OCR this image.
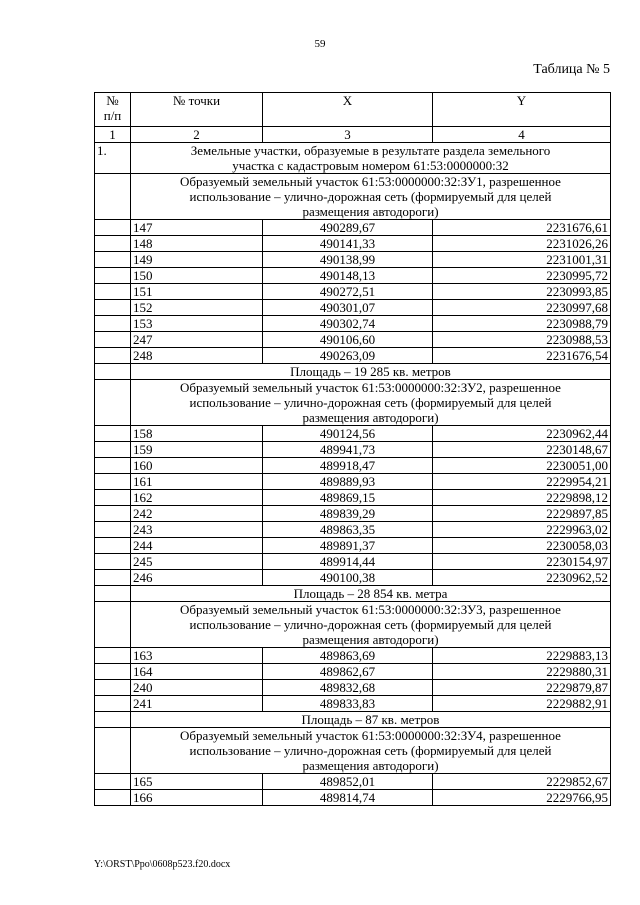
59
Таблица № 5
№
п/п	№ точки	X	Y
1	2	3	4
1.	Земельные участки, образуемые в результате раздела земельного участка с кадастровым номером 61:53:0000000:32		
	Образуемый земельный участок 61:53:0000000:32:ЗУ1, разрешенное использование – улично-дорожная сеть (формируемый для целей размещения автодороги)		
	147	490289,67	2231676,61
	148	490141,33	2231026,26
	149	490138,99	2231001,31
	150	490148,13	2230995,72
	151	490272,51	2230993,85
	152	490301,07	2230997,68
	153	490302,74	2230988,79
	247	490106,60	2230988,53
	248	490263,09	2231676,54
	Площадь – 19 285 кв. метров		
	Образуемый земельный участок 61:53:0000000:32:ЗУ2, разрешенное использование – улично-дорожная сеть (формируемый для целей размещения автодороги)		
	158	490124,56	2230962,44
	159	489941,73	2230148,67
	160	489918,47	2230051,00
	161	489889,93	2229954,21
	162	489869,15	2229898,12
	242	489839,29	2229897,85
	243	489863,35	2229963,02
	244	489891,37	2230058,03
	245	489914,44	2230154,97
	246	490100,38	2230962,52
	Площадь – 28 854 кв. метра		
	Образуемый земельный участок 61:53:0000000:32:ЗУ3, разрешенное использование – улично-дорожная сеть (формируемый для целей размещения автодороги)		
	163	489863,69	2229883,13
	164	489862,67	2229880,31
	240	489832,68	2229879,87
	241	489833,83	2229882,91
	Площадь – 87 кв. метров		
	Образуемый земельный участок 61:53:0000000:32:ЗУ4, разрешенное использование – улично-дорожная сеть (формируемый для целей размещения автодороги)		
	165	489852,01	2229852,67
	166	489814,74	2229766,95
Y:\ORST\Ppo\0608p523.f20.docx
